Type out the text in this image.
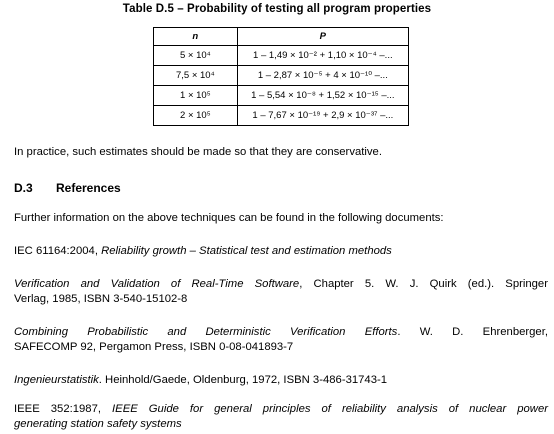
Table D.5 – Probability of testing all program properties
n	P
5 × 10⁴	1 – 1,49 × 10⁻² + 1,10 × 10⁻⁴ –...
7,5 × 10⁴	1 – 2,87 × 10⁻⁵ + 4 × 10⁻¹⁰ –...
1 × 10⁵	1 – 5,54 × 10⁻⁸ + 1,52 × 10⁻¹⁵ –...
2 × 10⁵	1 – 7,67 × 10⁻¹⁹ + 2,9 × 10⁻³⁷ –...
In practice, such estimates should be made so that they are conservative.
D.3 References
Further information on the above techniques can be found in the following documents:
IEC 61164:2004, Reliability growth – Statistical test and estimation methods
Verification and Validation of Real-Time Software, Chapter 5. W. J. Quirk (ed.). Springer
Verlag, 1985, ISBN 3-540-15102-8
Combining Probabilistic and Deterministic Verification Efforts. W. D. Ehrenberger,
SAFECOMP 92, Pergamon Press, ISBN 0-08-041893-7
Ingenieurstatistik. Heinhold/Gaede, Oldenburg, 1972, ISBN 3-486-31743-1
IEEE 352:1987, IEEE Guide for general principles of reliability analysis of nuclear power
generating station safety systems
